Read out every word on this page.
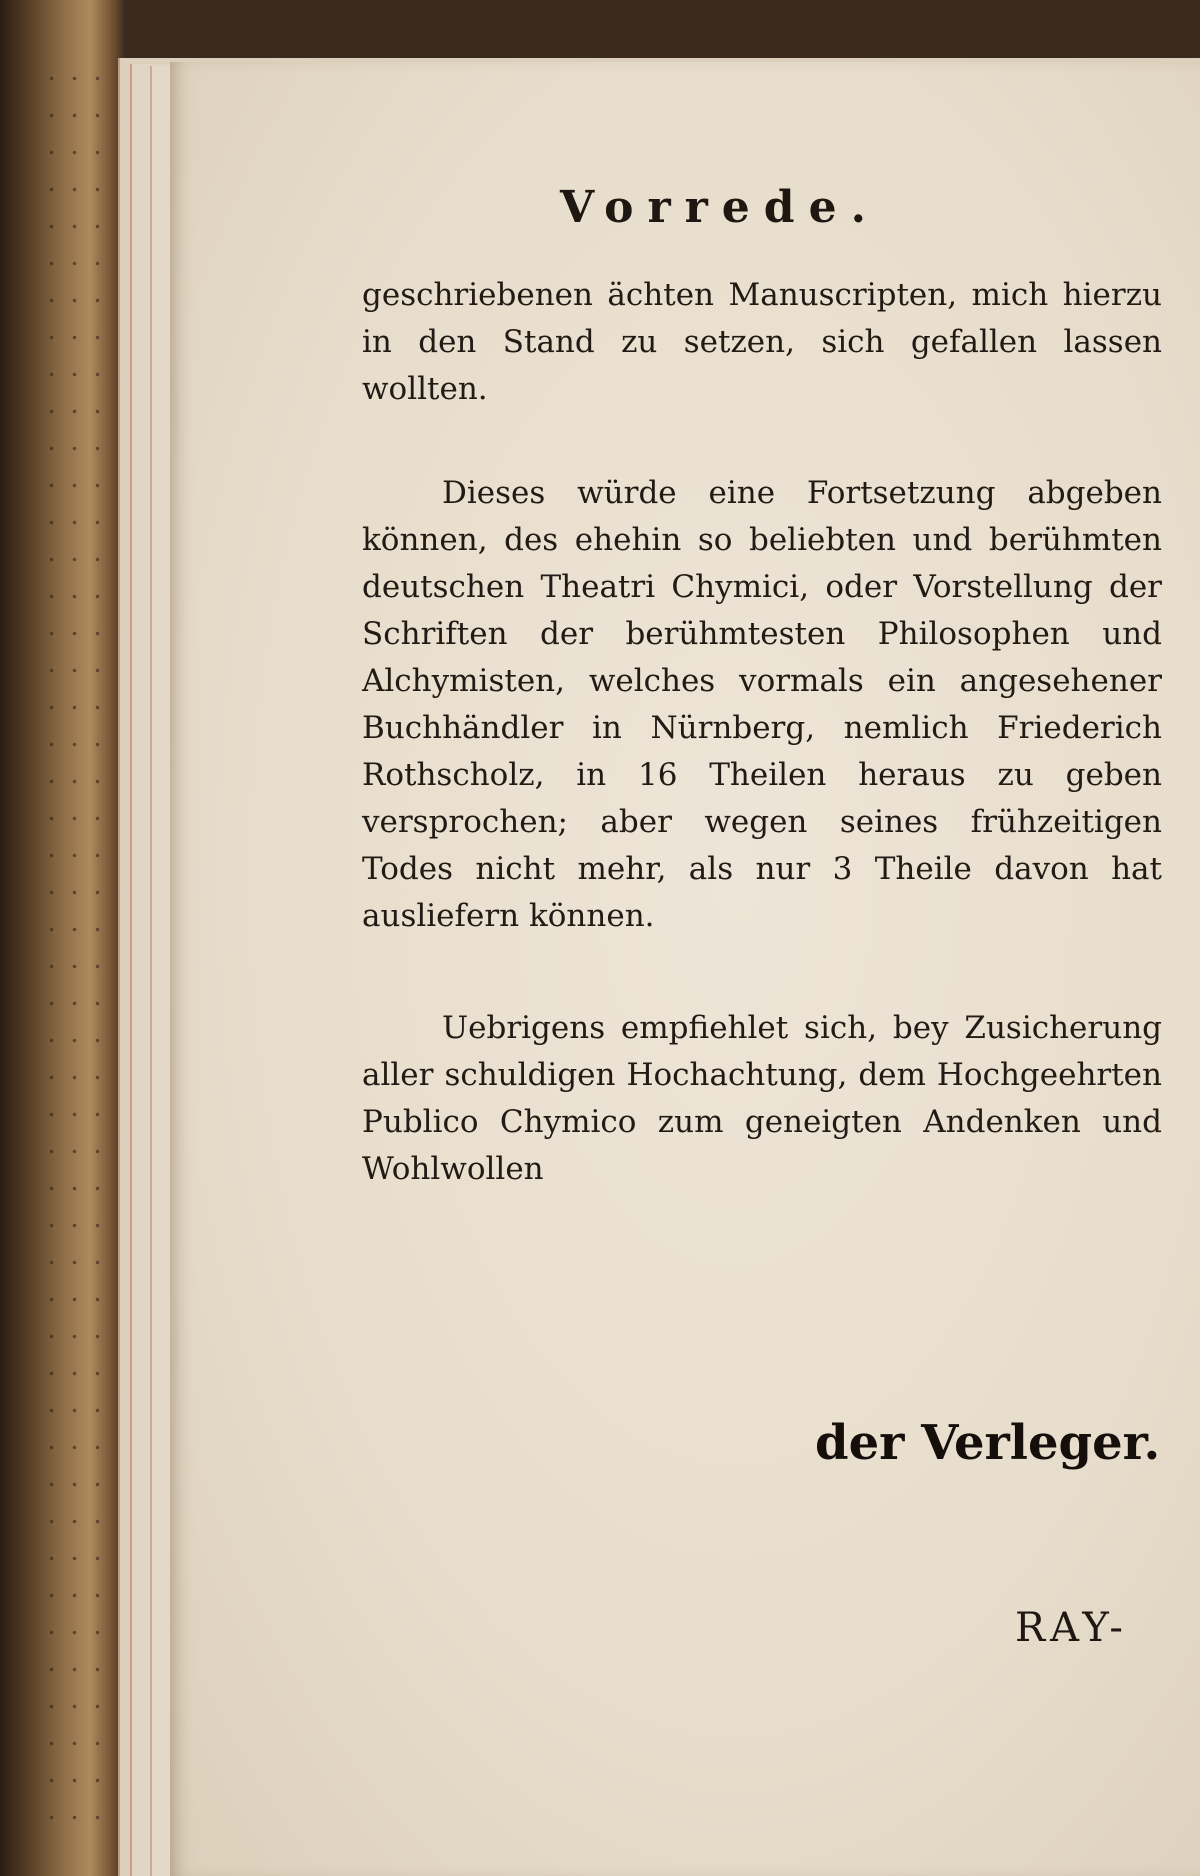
Vorrede.
geschriebenen ächten Manuscripten, mich hierzu in den Stand zu setzen, sich gefallen lassen wollten.
Dieses würde eine Fortsetzung abgeben können, des ehehin so beliebten und berühmten deutschen Theatri Chymici, oder Vorstellung der Schriften der berühmtesten Philosophen und Alchymisten, welches vormals ein angesehener Buchhändler in Nürnberg, nemlich Friederich Rothscholz, in 16 Theilen heraus zu geben versprochen; aber wegen seines frühzeitigen Todes nicht mehr, als nur 3 Theile davon hat ausliefern können.
Uebrigens empfiehlet sich, bey Zusicherung aller schuldigen Hochachtung, dem Hochgeehrten Publico Chymico zum geneigten Andenken und Wohlwollen
der Verleger.
RAY-
